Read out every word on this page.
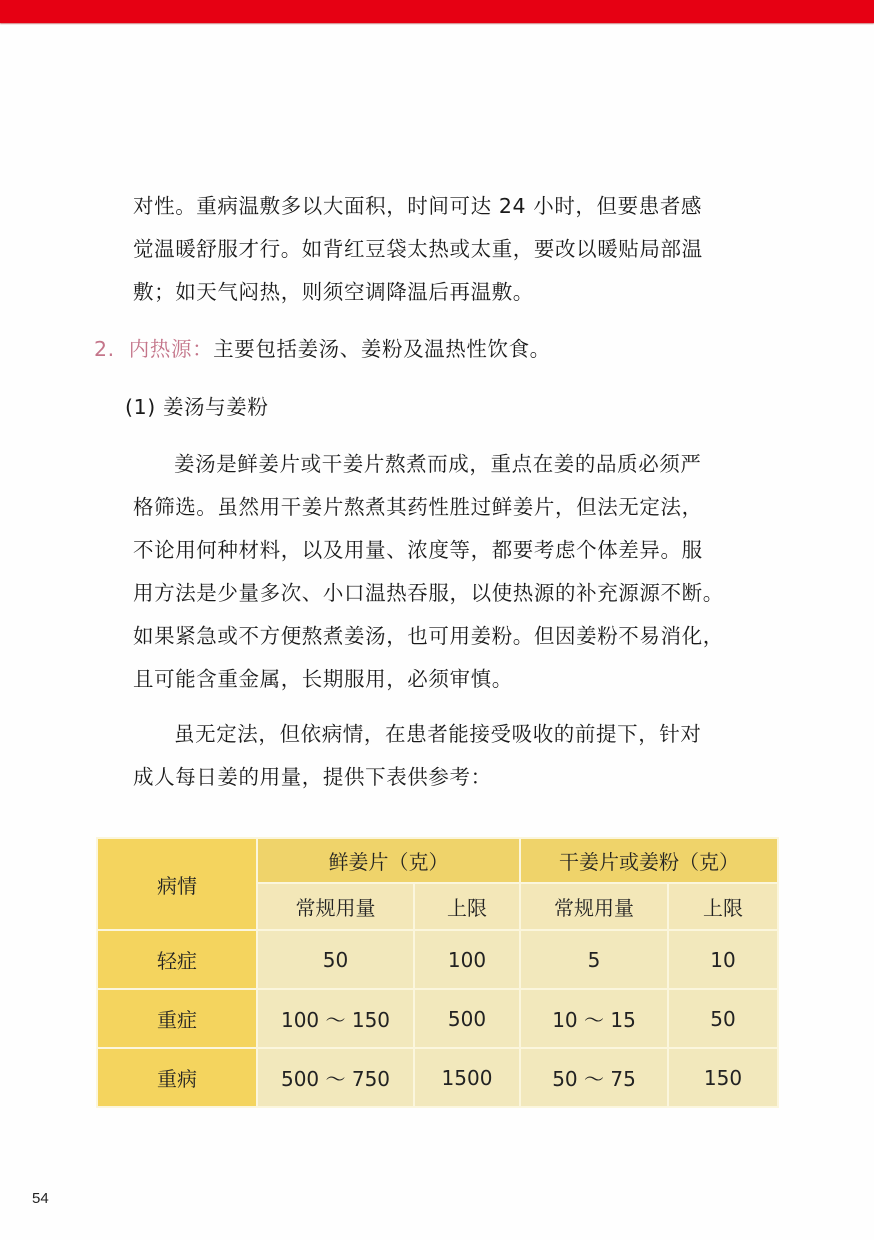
对性。重病温敷多以大面积，时间可达 24 小时，但要患者感
觉温暖舒服才行。如背红豆袋太热或太重，要改以暖贴局部温
敷；如天气闷热，则须空调降温后再温敷。
2. 内热源：主要包括姜汤、姜粉及温热性饮食。
(1) 姜汤与姜粉
姜汤是鲜姜片或干姜片熬煮而成，重点在姜的品质必须严
格筛选。虽然用干姜片熬煮其药性胜过鲜姜片，但法无定法，
不论用何种材料，以及用量、浓度等，都要考虑个体差异。服
用方法是少量多次、小口温热吞服，以使热源的补充源源不断。
如果紧急或不方便熬煮姜汤，也可用姜粉。但因姜粉不易消化，
且可能含重金属，长期服用，必须审慎。
虽无定法，但依病情，在患者能接受吸收的前提下，针对
成人每日姜的用量，提供下表供参考：
病情	鲜姜片（克）		干姜片或姜粉（克）	
	常规用量	上限	常规用量	上限
轻症	50	100	5	10
重症	100 ～ 150	500	10 ～ 15	50
重病	500 ～ 750	1500	50 ～ 75	150
54
